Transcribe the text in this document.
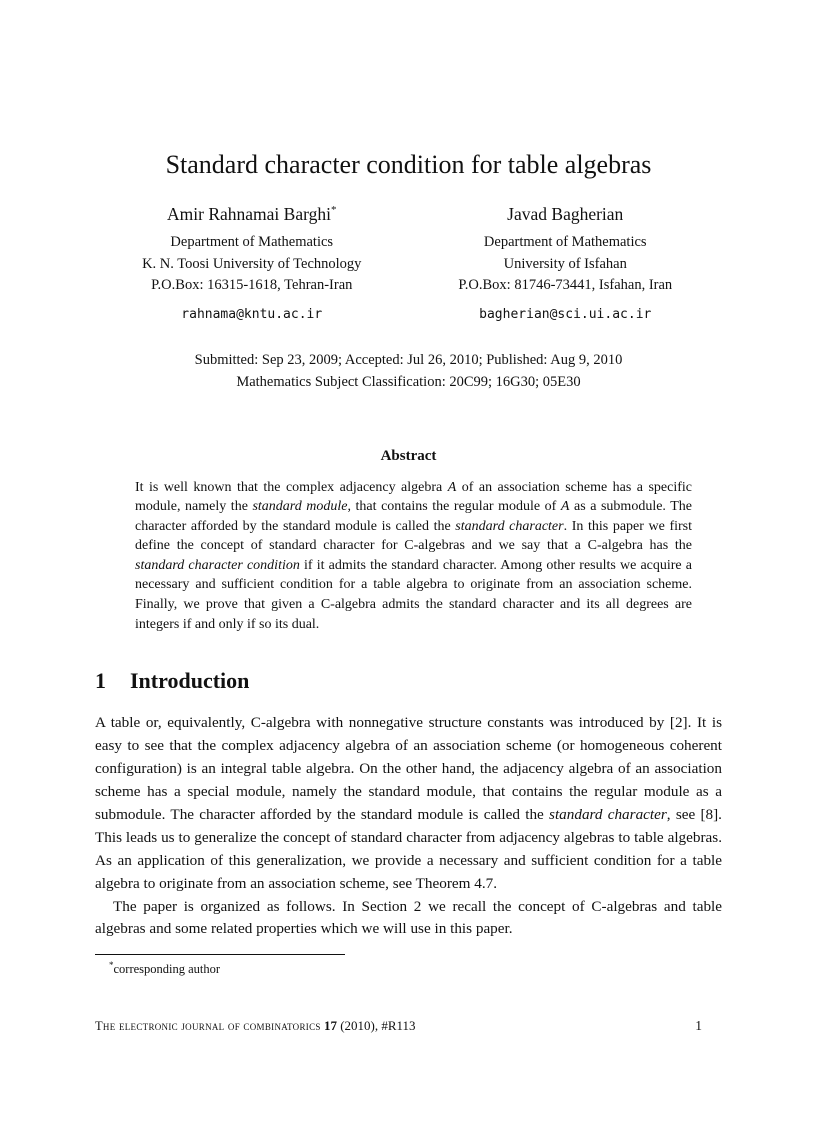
Standard character condition for table algebras
Amir Rahnamai Barghi*
Department of Mathematics
K. N. Toosi University of Technology
P.O.Box: 16315-1618, Tehran-Iran
rahnama@kntu.ac.ir
Javad Bagherian
Department of Mathematics
University of Isfahan
P.O.Box: 81746-73441, Isfahan, Iran
bagherian@sci.ui.ac.ir
Submitted: Sep 23, 2009; Accepted: Jul 26, 2010; Published: Aug 9, 2010
Mathematics Subject Classification: 20C99; 16G30; 05E30
Abstract
It is well known that the complex adjacency algebra A of an association scheme has a specific module, namely the standard module, that contains the regular module of A as a submodule. The character afforded by the standard module is called the standard character. In this paper we first define the concept of standard character for C-algebras and we say that a C-algebra has the standard character condition if it admits the standard character. Among other results we acquire a necessary and sufficient condition for a table algebra to originate from an association scheme. Finally, we prove that given a C-algebra admits the standard character and its all degrees are integers if and only if so its dual.
1 Introduction

A table or, equivalently, C-algebra with nonnegative structure constants was introduced by [2]. It is easy to see that the complex adjacency algebra of an association scheme (or homogeneous coherent configuration) is an integral table algebra. On the other hand, the adjacency algebra of an association scheme has a special module, namely the standard module, that contains the regular module as a submodule. The character afforded by the standard module is called the standard character, see [8]. This leads us to generalize the concept of standard character from adjacency algebras to table algebras. As an application of this generalization, we provide a necessary and sufficient condition for a table algebra to originate from an association scheme, see Theorem 4.7.

The paper is organized as follows. In Section 2 we recall the concept of C-algebras and table algebras and some related properties which we will use in this paper.

*corresponding author
The electronic journal of combinatorics 17 (2010), #R113	1
